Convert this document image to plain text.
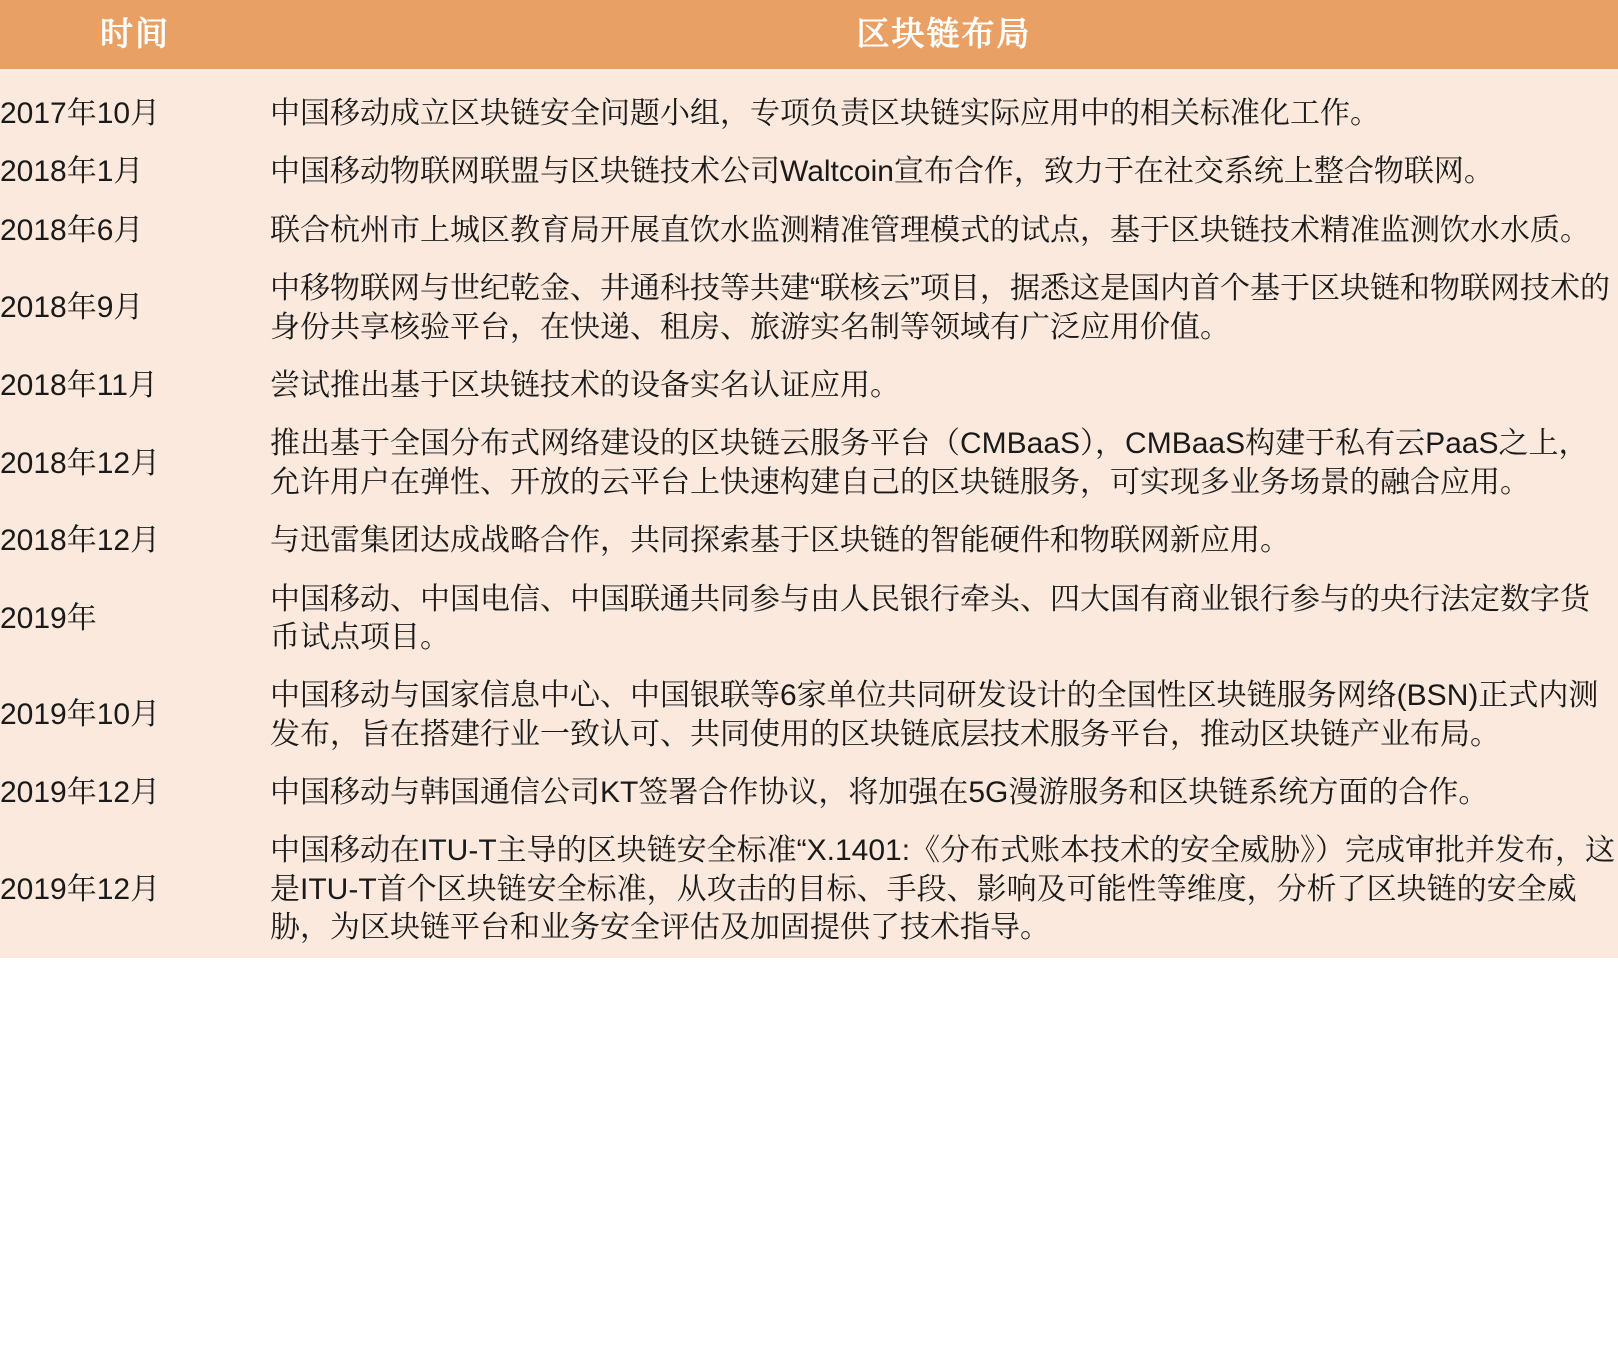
时间	区块链布局
2017年10月	中国移动成立区块链安全问题小组，专项负责区块链实际应用中的相关标准化工作。
2018年1月	中国移动物联网联盟与区块链技术公司Waltcoin宣布合作，致力于在社交系统上整合物联网。
2018年6月	联合杭州市上城区教育局开展直饮水监测精准管理模式的试点，基于区块链技术精准监测饮水水质。
2018年9月	中移物联网与世纪乾金、井通科技等共建“联核云”项目，据悉这是国内首个基于区块链和物联网技术的身份共享核验平台，在快递、租房、旅游实名制等领域有广泛应用价值。
2018年11月	尝试推出基于区块链技术的设备实名认证应用。
2018年12月	推出基于全国分布式网络建设的区块链云服务平台（CMBaaS），CMBaaS构建于私有云PaaS之上，允许用户在弹性、开放的云平台上快速构建自己的区块链服务，可实现多业务场景的融合应用。
2018年12月	与迅雷集团达成战略合作，共同探索基于区块链的智能硬件和物联网新应用。
2019年	中国移动、中国电信、中国联通共同参与由人民银行牵头、四大国有商业银行参与的央行法定数字货币试点项目。
2019年10月	中国移动与国家信息中心、中国银联等6家单位共同研发设计的全国性区块链服务网络(BSN)正式内测发布，旨在搭建行业一致认可、共同使用的区块链底层技术服务平台，推动区块链产业布局。
2019年12月	中国移动与韩国通信公司KT签署合作协议，将加强在5G漫游服务和区块链系统方面的合作。
2019年12月	中国移动在ITU-T主导的区块链安全标准“X.1401:《分布式账本技术的安全威胁》）完成审批并发布，这是ITU-T首个区块链安全标准，从攻击的目标、手段、影响及可能性等维度，分析了区块链的安全威胁，为区块链平台和业务安全评估及加固提供了技术指导。
